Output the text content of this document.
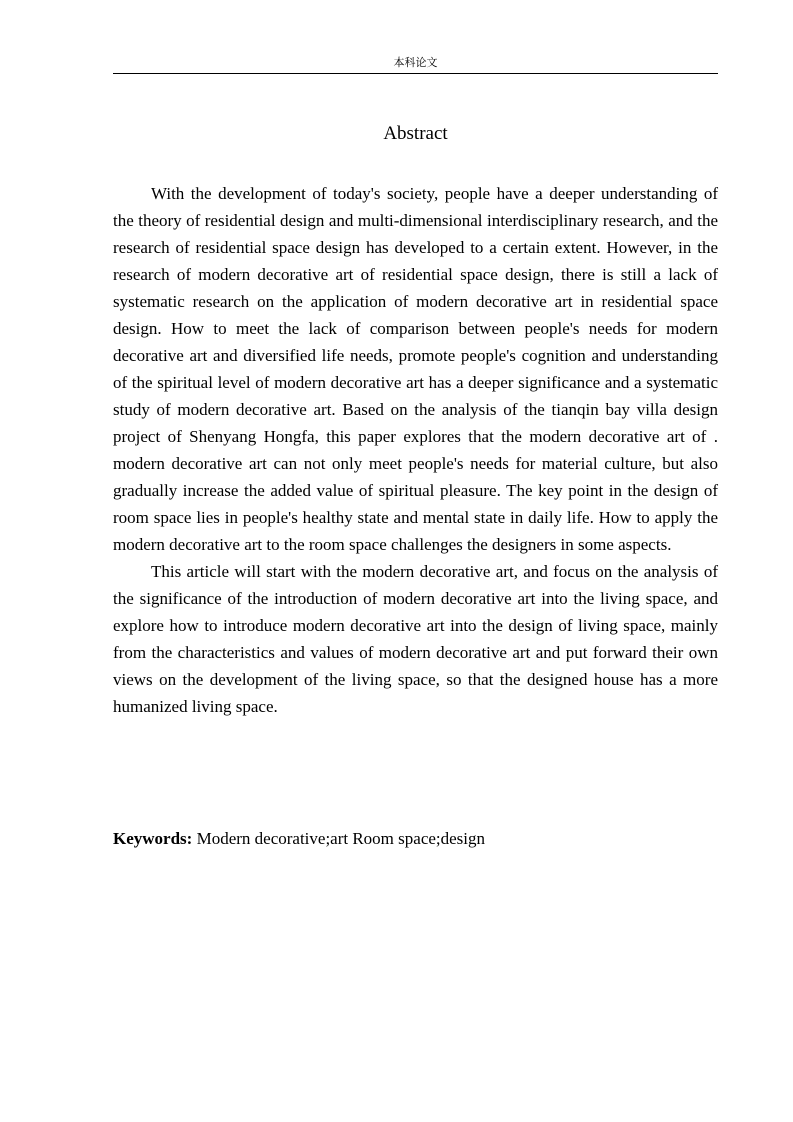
本科论文
Abstract

With the development of today's society, people have a deeper understanding of the theory of residential design and multi-dimensional interdisciplinary research, and the research of residential space design has developed to a certain extent. However, in the research of modern decorative art of residential space design, there is still a lack of systematic research on the application of modern decorative art in residential space design. How to meet the lack of comparison between people's needs for modern decorative art and diversified life needs, promote people's cognition and understanding of the spiritual level of modern decorative art has a deeper significance and a systematic study of modern decorative art. Based on the analysis of the tianqin bay villa design project of Shenyang Hongfa, this paper explores that the modern decorative art of . modern decorative art can not only meet people's needs for material culture, but also gradually increase the added value of spiritual pleasure. The key point in the design of room space lies in people's healthy state and mental state in daily life. How to apply the modern decorative art to the room space challenges the designers in some aspects.

This article will start with the modern decorative art, and focus on the analysis of the significance of the introduction of modern decorative art into the living space, and explore how to introduce modern decorative art into the design of living space, mainly from the characteristics and values of modern decorative art and put forward their own views on the development of the living space, so that the designed house has a more humanized living space.

Keywords: Modern decorative;art Room space;design
